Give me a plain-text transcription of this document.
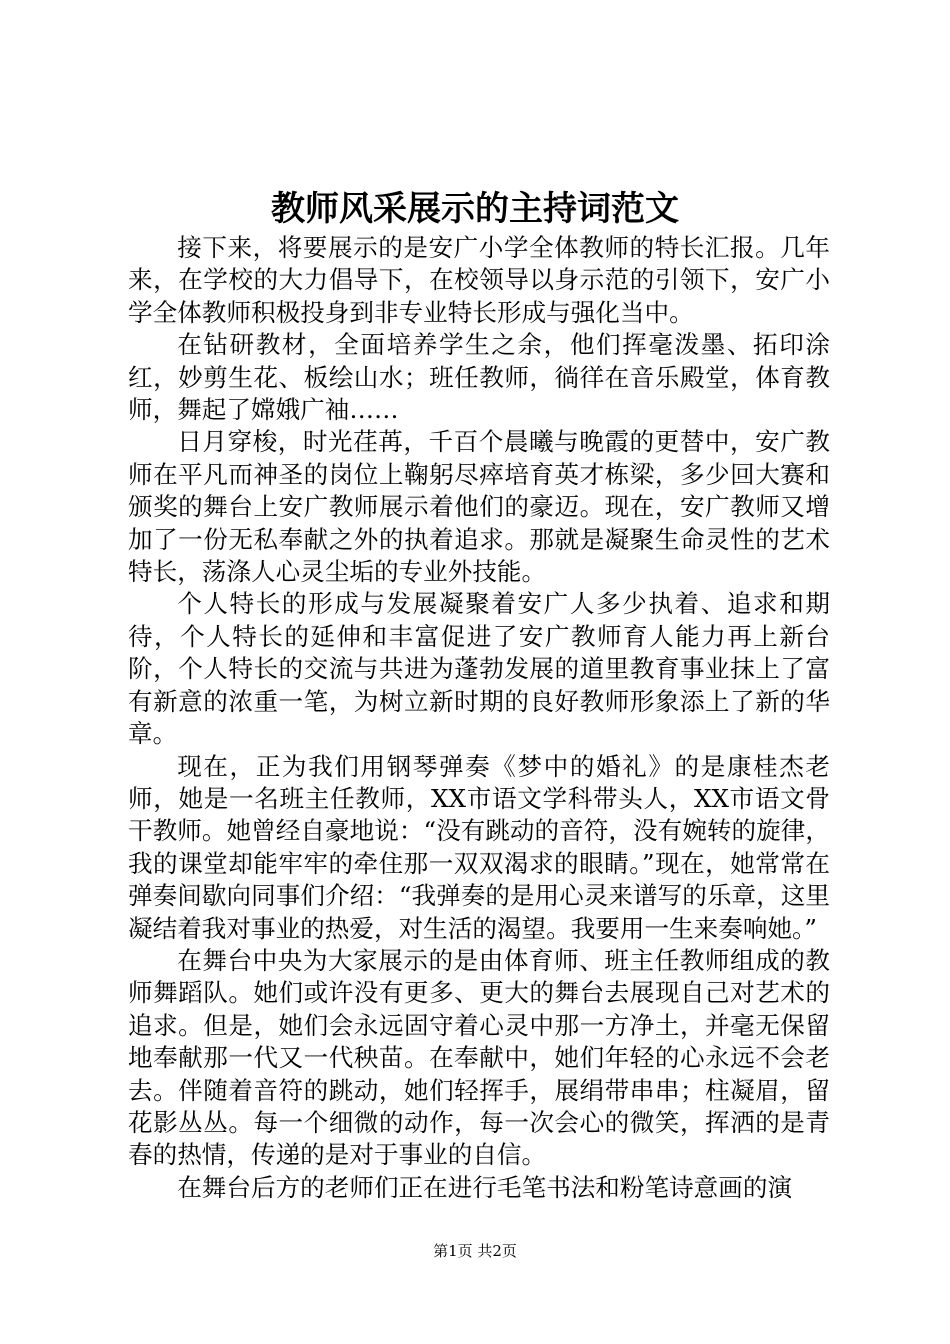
教师风采展示的主持词范文

接下来，将要展示的是安广小学全体教师的特长汇报。几年来，在学校的大力倡导下，在校领导以身示范的引领下，安广小学全体教师积极投身到非专业特长形成与强化当中。

在钻研教材，全面培养学生之余，他们挥毫泼墨、拓印涂红，妙剪生花、板绘山水；班任教师，徜徉在音乐殿堂，体育教师，舞起了嫦娥广袖……

日月穿梭，时光荏苒，千百个晨曦与晚霞的更替中，安广教师在平凡而神圣的岗位上鞠躬尽瘁培育英才栋梁，多少回大赛和颁奖的舞台上安广教师展示着他们的豪迈。现在，安广教师又增加了一份无私奉献之外的执着追求。那就是凝聚生命灵性的艺术特长，荡涤人心灵尘垢的专业外技能。

个人特长的形成与发展凝聚着安广人多少执着、追求和期待，个人特长的延伸和丰富促进了安广教师育人能力再上新台阶，个人特长的交流与共进为蓬勃发展的道里教育事业抹上了富有新意的浓重一笔，为树立新时期的良好教师形象添上了新的华章。

现在，正为我们用钢琴弹奏《梦中的婚礼》的是康桂杰老师，她是一名班主任教师，XX市语文学科带头人，XX市语文骨干教师。她曾经自豪地说：“没有跳动的音符，没有婉转的旋律，我的课堂却能牢牢的牵住那一双双渴求的眼睛。”现在，她常常在弹奏间歇向同事们介绍：“我弹奏的是用心灵来谱写的乐章，这里凝结着我对事业的热爱，对生活的渴望。我要用一生来奏响她。”

在舞台中央为大家展示的是由体育师、班主任教师组成的教师舞蹈队。她们或许没有更多、更大的舞台去展现自己对艺术的追求。但是，她们会永远固守着心灵中那一方净土，并毫无保留地奉献那一代又一代秧苗。在奉献中，她们年轻的心永远不会老去。伴随着音符的跳动，她们轻挥手，展绢带串串；柱凝眉，留花影丛丛。每一个细微的动作，每一次会心的微笑，挥洒的是青春的热情，传递的是对于事业的自信。

在舞台后方的老师们正在进行毛笔书法和粉笔诗意画的演

第1页 共2页
